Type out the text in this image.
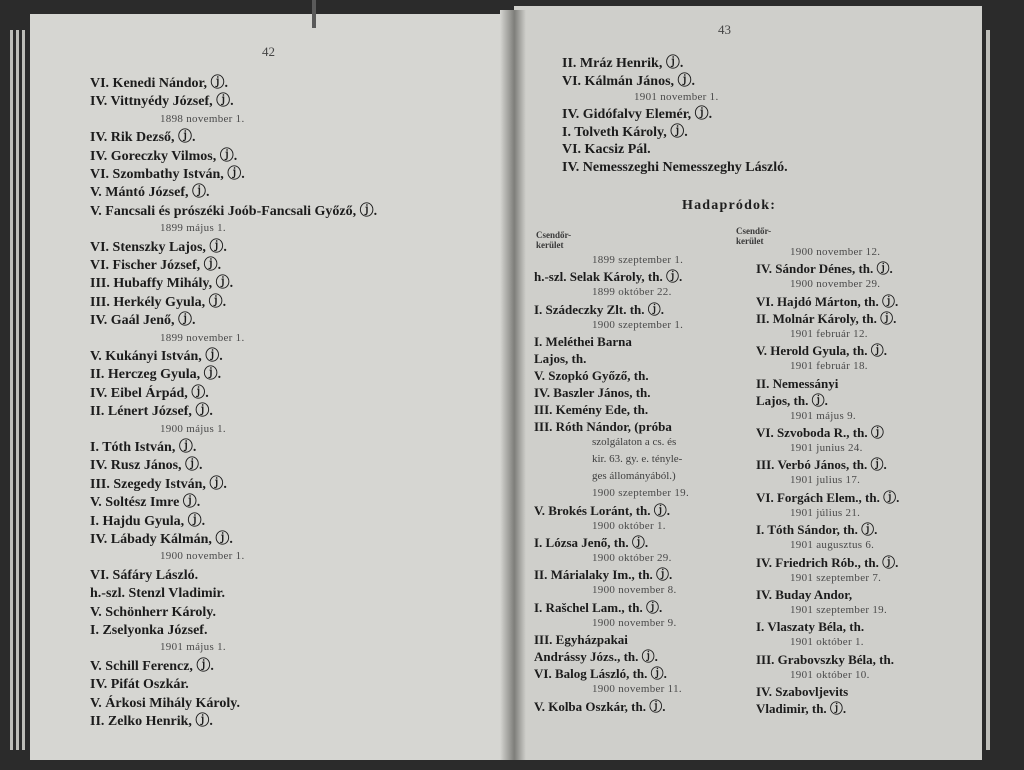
42
VI. Kenedi Nándor, ⓙ.
IV. Vittnyédy József, ⓙ.
1898 november 1.
IV. Rik Dezső, ⓙ.
IV. Goreczky Vilmos, ⓙ.
VI. Szombathy István, ⓙ.
V. Mántó József, ⓙ.
V. Fancsali és prószéki Joób-Fancsali Győző, ⓙ.
1899 május 1.
VI. Stenszky Lajos, ⓙ.
VI. Fischer József, ⓙ.
III. Hubaffy Mihály, ⓙ.
III. Herkély Gyula, ⓙ.
IV. Gaál Jenő, ⓙ.
1899 november 1.
V. Kukányi István, ⓙ.
II. Herczeg Gyula, ⓙ.
IV. Eibel Árpád, ⓙ.
II. Lénert József, ⓙ.
1900 május 1.
I. Tóth István, ⓙ.
IV. Rusz János, ⓙ.
III. Szegedy István, ⓙ.
V. Soltész Imre ⓙ.
I. Hajdu Gyula, ⓙ.
IV. Lábady Kálmán, ⓙ.
1900 november 1.
VI. Sáfáry László.
h.-szl. Stenzl Vladimir.
V. Schönherr Károly.
I. Zselyonka József.
1901 május 1.
V. Schill Ferencz, ⓙ.
IV. Pifát Oszkár.
V. Árkosi Mihály Károly.
II. Zelko Henrik, ⓙ.
43
Hadapródok:
Csendőr-
kerület
Csendőr-
kerület
II. Mráz Henrik, ⓙ.
VI. Kálmán János, ⓙ.
1901 november 1.
IV. Gidófalvy Elemér, ⓙ.
I. Tolveth Károly, ⓙ.
VI. Kacsiz Pál.
IV. Nemesszeghi Nemesszeghy László.
1899 szeptember 1.
h.-szl. Selak Károly, th. ⓙ.
1899 október 22.
I. Szádeczky Zlt. th. ⓙ.
1900 szeptember 1.
I. Meléthei Barna
Lajos, th.
V. Szopkó Győző, th.
IV. Baszler János, th.
III. Kemény Ede, th.
III. Róth Nándor, (próba
szolgálaton a cs. és
kir. 63. gy. e. tényle-
ges állományából.)
1900 szeptember 19.
V. Brokés Loránt, th. ⓙ.
1900 október 1.
I. Lózsa Jenő, th. ⓙ.
1900 október 29.
II. Márialaky Im., th. ⓙ.
1900 november 8.
I. Rašchel Lam., th. ⓙ.
1900 november 9.
III. Egyházpakai
Andrássy Józs., th. ⓙ.
VI. Balog László, th. ⓙ.
1900 november 11.
V. Kolba Oszkár, th. ⓙ.
1900 november 12.
IV. Sándor Dénes, th. ⓙ.
1900 november 29.
VI. Hajdó Márton, th. ⓙ.
II. Molnár Károly, th. ⓙ.
1901 február 12.
V. Herold Gyula, th. ⓙ.
1901 február 18.
II. Nemessányi
Lajos, th. ⓙ.
1901 május 9.
VI. Szvoboda R., th. ⓙ
1901 junius 24.
III. Verbó János, th. ⓙ.
1901 julius 17.
VI. Forgách Elem., th. ⓙ.
1901 július 21.
I. Tóth Sándor, th. ⓙ.
1901 augusztus 6.
IV. Friedrich Rób., th. ⓙ.
1901 szeptember 7.
IV. Buday Andor,
1901 szeptember 19.
I. Vlaszaty Béla, th.
1901 október 1.
III. Grabovszky Béla, th.
1901 október 10.
IV. Szabovljevits
Vladimir, th. ⓙ.
